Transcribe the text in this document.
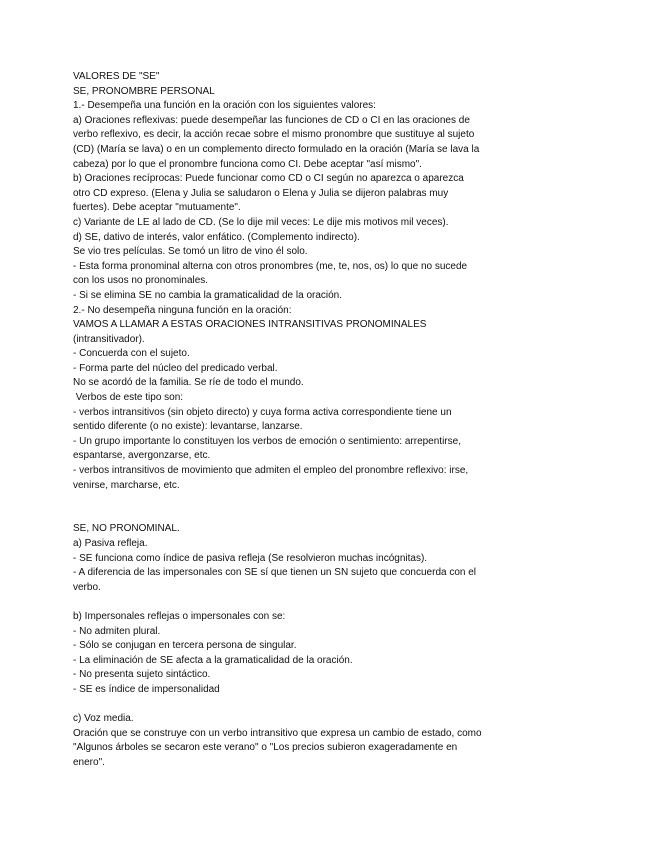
VALORES DE "SE"
SE, PRONOMBRE PERSONAL
1.- Desempeña una función en la oración con los siguientes valores:
a) Oraciones reflexivas: puede desempeñar las funciones de CD o CI en las oraciones de
verbo reflexivo, es decir, la acción recae sobre el mismo pronombre que sustituye al sujeto
(CD) (María se lava) o en un complemento directo formulado en la oración (María se lava la
cabeza) por lo que el pronombre funciona como CI. Debe aceptar "así mismo".
b) Oraciones recíprocas: Puede funcionar como CD o CI según no aparezca o aparezca
otro CD expreso. (Elena y Julia se saludaron o Elena y Julia se dijeron palabras muy
fuertes). Debe aceptar "mutuamente".
c) Variante de LE al lado de CD. (Se lo dije mil veces: Le dije mis motivos mil veces).
d) SE, dativo de interés, valor enfático. (Complemento indirecto).
Se vio tres películas. Se tomó un litro de vino él solo.
- Esta forma pronominal alterna con otros pronombres (me, te, nos, os) lo que no sucede
con los usos no pronominales.
- Si se elimina SE no cambia la gramaticalidad de la oración.
2.- No desempeña ninguna función en la oración:
VAMOS A LLAMAR A ESTAS ORACIONES INTRANSITIVAS PRONOMINALES
(intransitivador).
- Concuerda con el sujeto.
- Forma parte del núcleo del predicado verbal.
No se acordó de la familia. Se ríe de todo el mundo.
Verbos de este tipo son:
- verbos intransitivos (sin objeto directo) y cuya forma activa correspondiente tiene un
sentido diferente (o no existe): levantarse, lanzarse.
- Un grupo importante lo constituyen los verbos de emoción o sentimiento: arrepentirse,
espantarse, avergonzarse, etc.
- verbos intransitivos de movimiento que admiten el empleo del pronombre reflexivo: irse,
venirse, marcharse, etc.
SE, NO PRONOMINAL.
a) Pasiva refleja.
- SE funciona como índice de pasiva refleja (Se resolvieron muchas incógnitas).
- A diferencia de las impersonales con SE sí que tienen un SN sujeto que concuerda con el
verbo.
b) Impersonales reflejas o impersonales con se:
- No admiten plural.
- Sólo se conjugan en tercera persona de singular.
- La eliminación de SE afecta a la gramaticalidad de la oración.
- No presenta sujeto sintáctico.
- SE es índice de impersonalidad
c) Voz media.
Oración que se construye con un verbo intransitivo que expresa un cambio de estado, como
"Algunos árboles se secaron este verano" o "Los precios subieron exageradamente en
enero".
